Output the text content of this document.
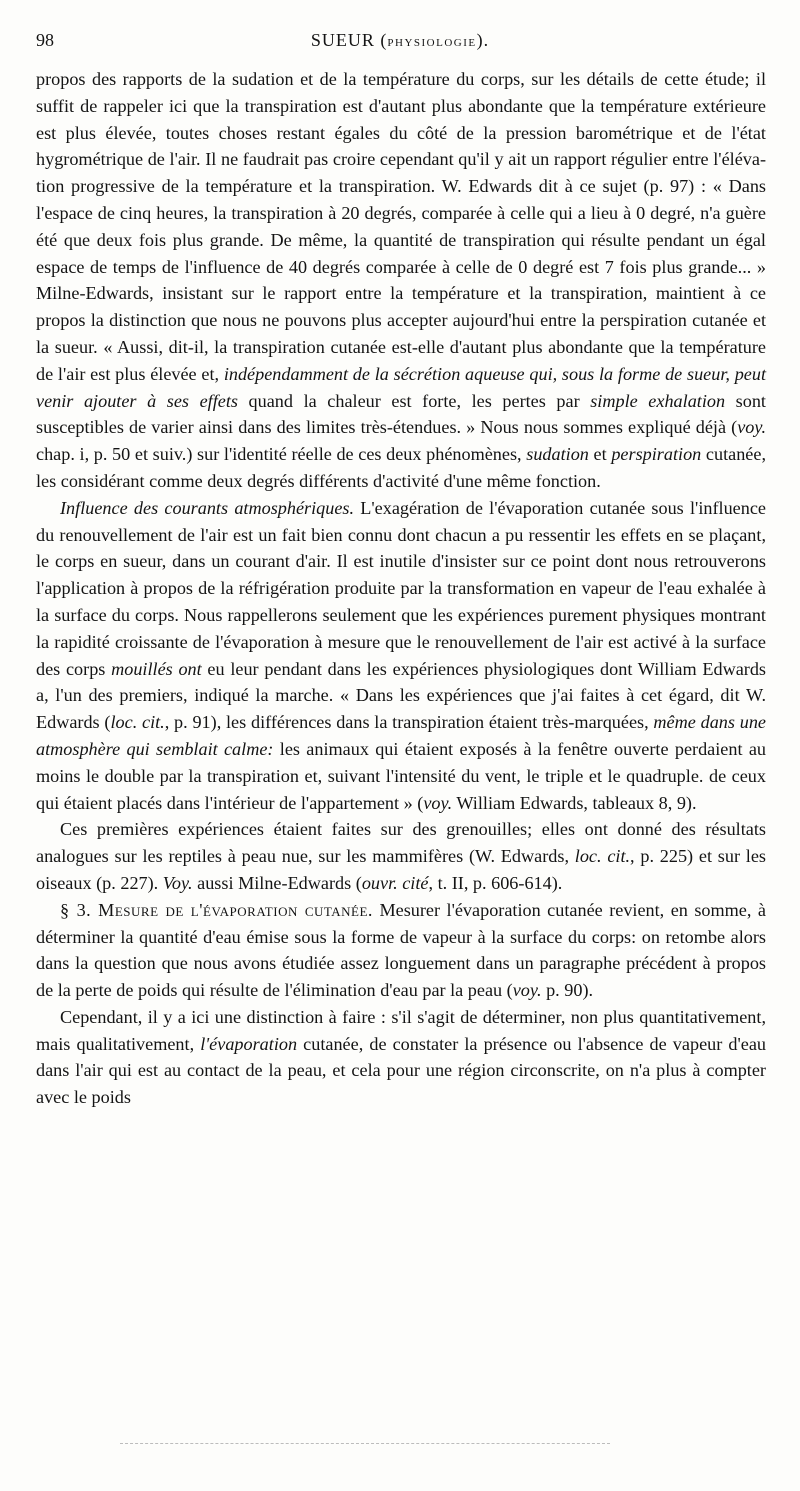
98	SUEUR (PHYSIOLOGIE).

propos des rapports de la sudation et de la température du corps, sur les détails de cette étude; il suffit de rappeler ici que la transpiration est d'autant plus abondante que la température extérieure est plus élevée, toutes choses restant égales du côté de la pression barométrique et de l'état hygrométrique de l'air. Il ne faudrait pas croire cependant qu'il y ait un rapport régulier entre l'élévation progressive de la température et la transpiration. W. Edwards dit à ce sujet (p. 97) : « Dans l'espace de cinq heures, la transpiration à 20 degrés, comparée à celle qui a lieu à 0 degré, n'a guère été que deux fois plus grande. De même, la quantité de transpiration qui résulte pendant un égal espace de temps de l'influence de 40 degrés comparée à celle de 0 degré est 7 fois plus grande... » Milne-Edwards, insistant sur le rapport entre la température et la transpiration, maintient à ce propos la distinction que nous ne pouvons plus accepter aujourd'hui entre la perspiration cutanée et la sueur. « Aussi, dit-il, la transpiration cutanée est-elle d'autant plus abondante que la température de l'air est plus élevée et, indépendamment de la sécrétion aqueuse qui, sous la forme de sueur, peut venir ajouter à ses effets quand la chaleur est forte, les pertes par simple exhalation sont susceptibles de varier ainsi dans des limites très-étendues. » Nous nous sommes expliqué déjà (voy. chap. i, p. 50 et suiv.) sur l'identité réelle de ces deux phénomènes, sudation et perspiration cutanée, les considérant comme deux degrés différents d'activité d'une même fonction.

Influence des courants atmosphériques. L'exagération de l'évaporation cutanée sous l'influence du renouvellement de l'air est un fait bien connu dont chacun a pu ressentir les effets en se plaçant, le corps en sueur, dans un courant d'air. Il est inutile d'insister sur ce point dont nous retrouverons l'application à propos de la réfrigération produite par la transformation en vapeur de l'eau exhalée à la surface du corps. Nous rappellerons seulement que les expériences purement physiques montrant la rapidité croissante de l'évaporation à mesure que le renouvellement de l'air est activé à la surface des corps mouillés ont eu leur pendant dans les expériences physiologiques dont William Edwards a, l'un des premiers, indiqué la marche. « Dans les expériences que j'ai faites à cet égard, dit W. Edwards (loc. cit., p. 91), les différences dans la transpiration étaient très-marquées, même dans une atmosphère qui semblait calme: les animaux qui étaient exposés à la fenêtre ouverte perdaient au moins le double par la transpiration et, suivant l'intensité du vent, le triple et le quadruple. de ceux qui étaient placés dans l'intérieur de l'appartement » (voy. William Edwards, tableaux 8, 9).

Ces premières expériences étaient faites sur des grenouilles; elles ont donné des résultats analogues sur les reptiles à peau nue, sur les mammifères (W. Edwards, loc. cit., p. 225) et sur les oiseaux (p. 227). Voy. aussi Milne-Edwards (ouvr. cité, t. II, p. 606-614).

§ 3. Mesure de l'évaporation cutanée. Mesurer l'évaporation cutanée revient, en somme, à déterminer la quantité d'eau émise sous la forme de vapeur à la surface du corps: on retombe alors dans la question que nous avons étudiée assez longuement dans un paragraphe précédent à propos de la perte de poids qui résulte de l'élimination d'eau par la peau (voy. p. 90).

Cependant, il y a ici une distinction à faire : s'il s'agit de déterminer, non plus quantitativement, mais qualitativement, l'évaporation cutanée, de constater la présence ou l'absence de vapeur d'eau dans l'air qui est au contact de la peau, et cela pour une région circonscrite, on n'a plus à compter avec le poids
